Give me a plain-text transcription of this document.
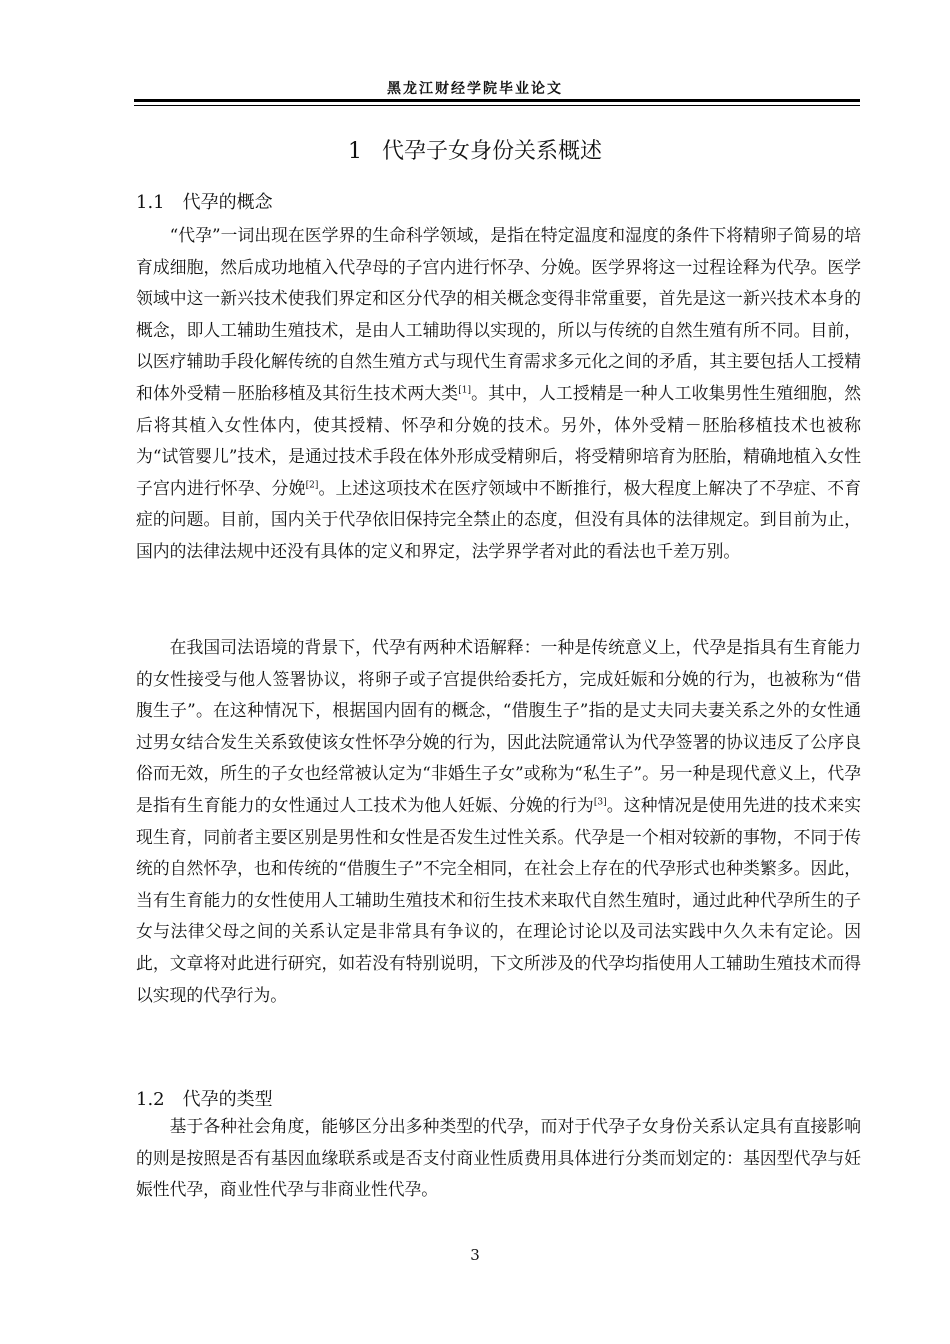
黑龙江财经学院毕业论文
1 代孕子女身份关系概述
1.1 代孕的概念

“代孕”一词出现在医学界的生命科学领域，是指在特定温度和湿度的条件下将精卵子简易的培育成细胞，然后成功地植入代孕母的子宫内进行怀孕、分娩。医学界将这一过程诠释为代孕。医学领域中这一新兴技术使我们界定和区分代孕的相关概念变得非常重要，首先是这一新兴技术本身的概念，即人工辅助生殖技术，是由人工辅助得以实现的，所以与传统的自然生殖有所不同。目前，以医疗辅助手段化解传统的自然生殖方式与现代生育需求多元化之间的矛盾，其主要包括人工授精和体外受精－胚胎移植及其衍生技术两大类[1]。其中，人工授精是一种人工收集男性生殖细胞，然后将其植入女性体内，使其授精、怀孕和分娩的技术。另外，体外受精－胚胎移植技术也被称为“试管婴儿”技术，是通过技术手段在体外形成受精卵后，将受精卵培育为胚胎，精确地植入女性子宫内进行怀孕、分娩[2]。上述这项技术在医疗领域中不断推行，极大程度上解决了不孕症、不育症的问题。目前，国内关于代孕依旧保持完全禁止的态度，但没有具体的法律规定。到目前为止，国内的法律法规中还没有具体的定义和界定，法学界学者对此的看法也千差万别。

在我国司法语境的背景下，代孕有两种术语解释：一种是传统意义上，代孕是指具有生育能力的女性接受与他人签署协议，将卵子或子宫提供给委托方，完成妊娠和分娩的行为，也被称为“借腹生子”。在这种情况下，根据国内固有的概念，“借腹生子”指的是丈夫同夫妻关系之外的女性通过男女结合发生关系致使该女性怀孕分娩的行为，因此法院通常认为代孕签署的协议违反了公序良俗而无效，所生的子女也经常被认定为“非婚生子女”或称为“私生子”。另一种是现代意义上，代孕是指有生育能力的女性通过人工技术为他人妊娠、分娩的行为[3]。这种情况是使用先进的技术来实现生育，同前者主要区别是男性和女性是否发生过性关系。代孕是一个相对较新的事物，不同于传统的自然怀孕，也和传统的“借腹生子”不完全相同，在社会上存在的代孕形式也种类繁多。因此，当有生育能力的女性使用人工辅助生殖技术和衍生技术来取代自然生殖时，通过此种代孕所生的子女与法律父母之间的关系认定是非常具有争议的，在理论讨论以及司法实践中久久未有定论。因此，文章将对此进行研究，如若没有特别说明，下文所涉及的代孕均指使用人工辅助生殖技术而得以实现的代孕行为。

1.2 代孕的类型

基于各种社会角度，能够区分出多种类型的代孕，而对于代孕子女身份关系认定具有直接影响的则是按照是否有基因血缘联系或是否支付商业性质费用具体进行分类而划定的：基因型代孕与妊娠性代孕，商业性代孕与非商业性代孕。

3
